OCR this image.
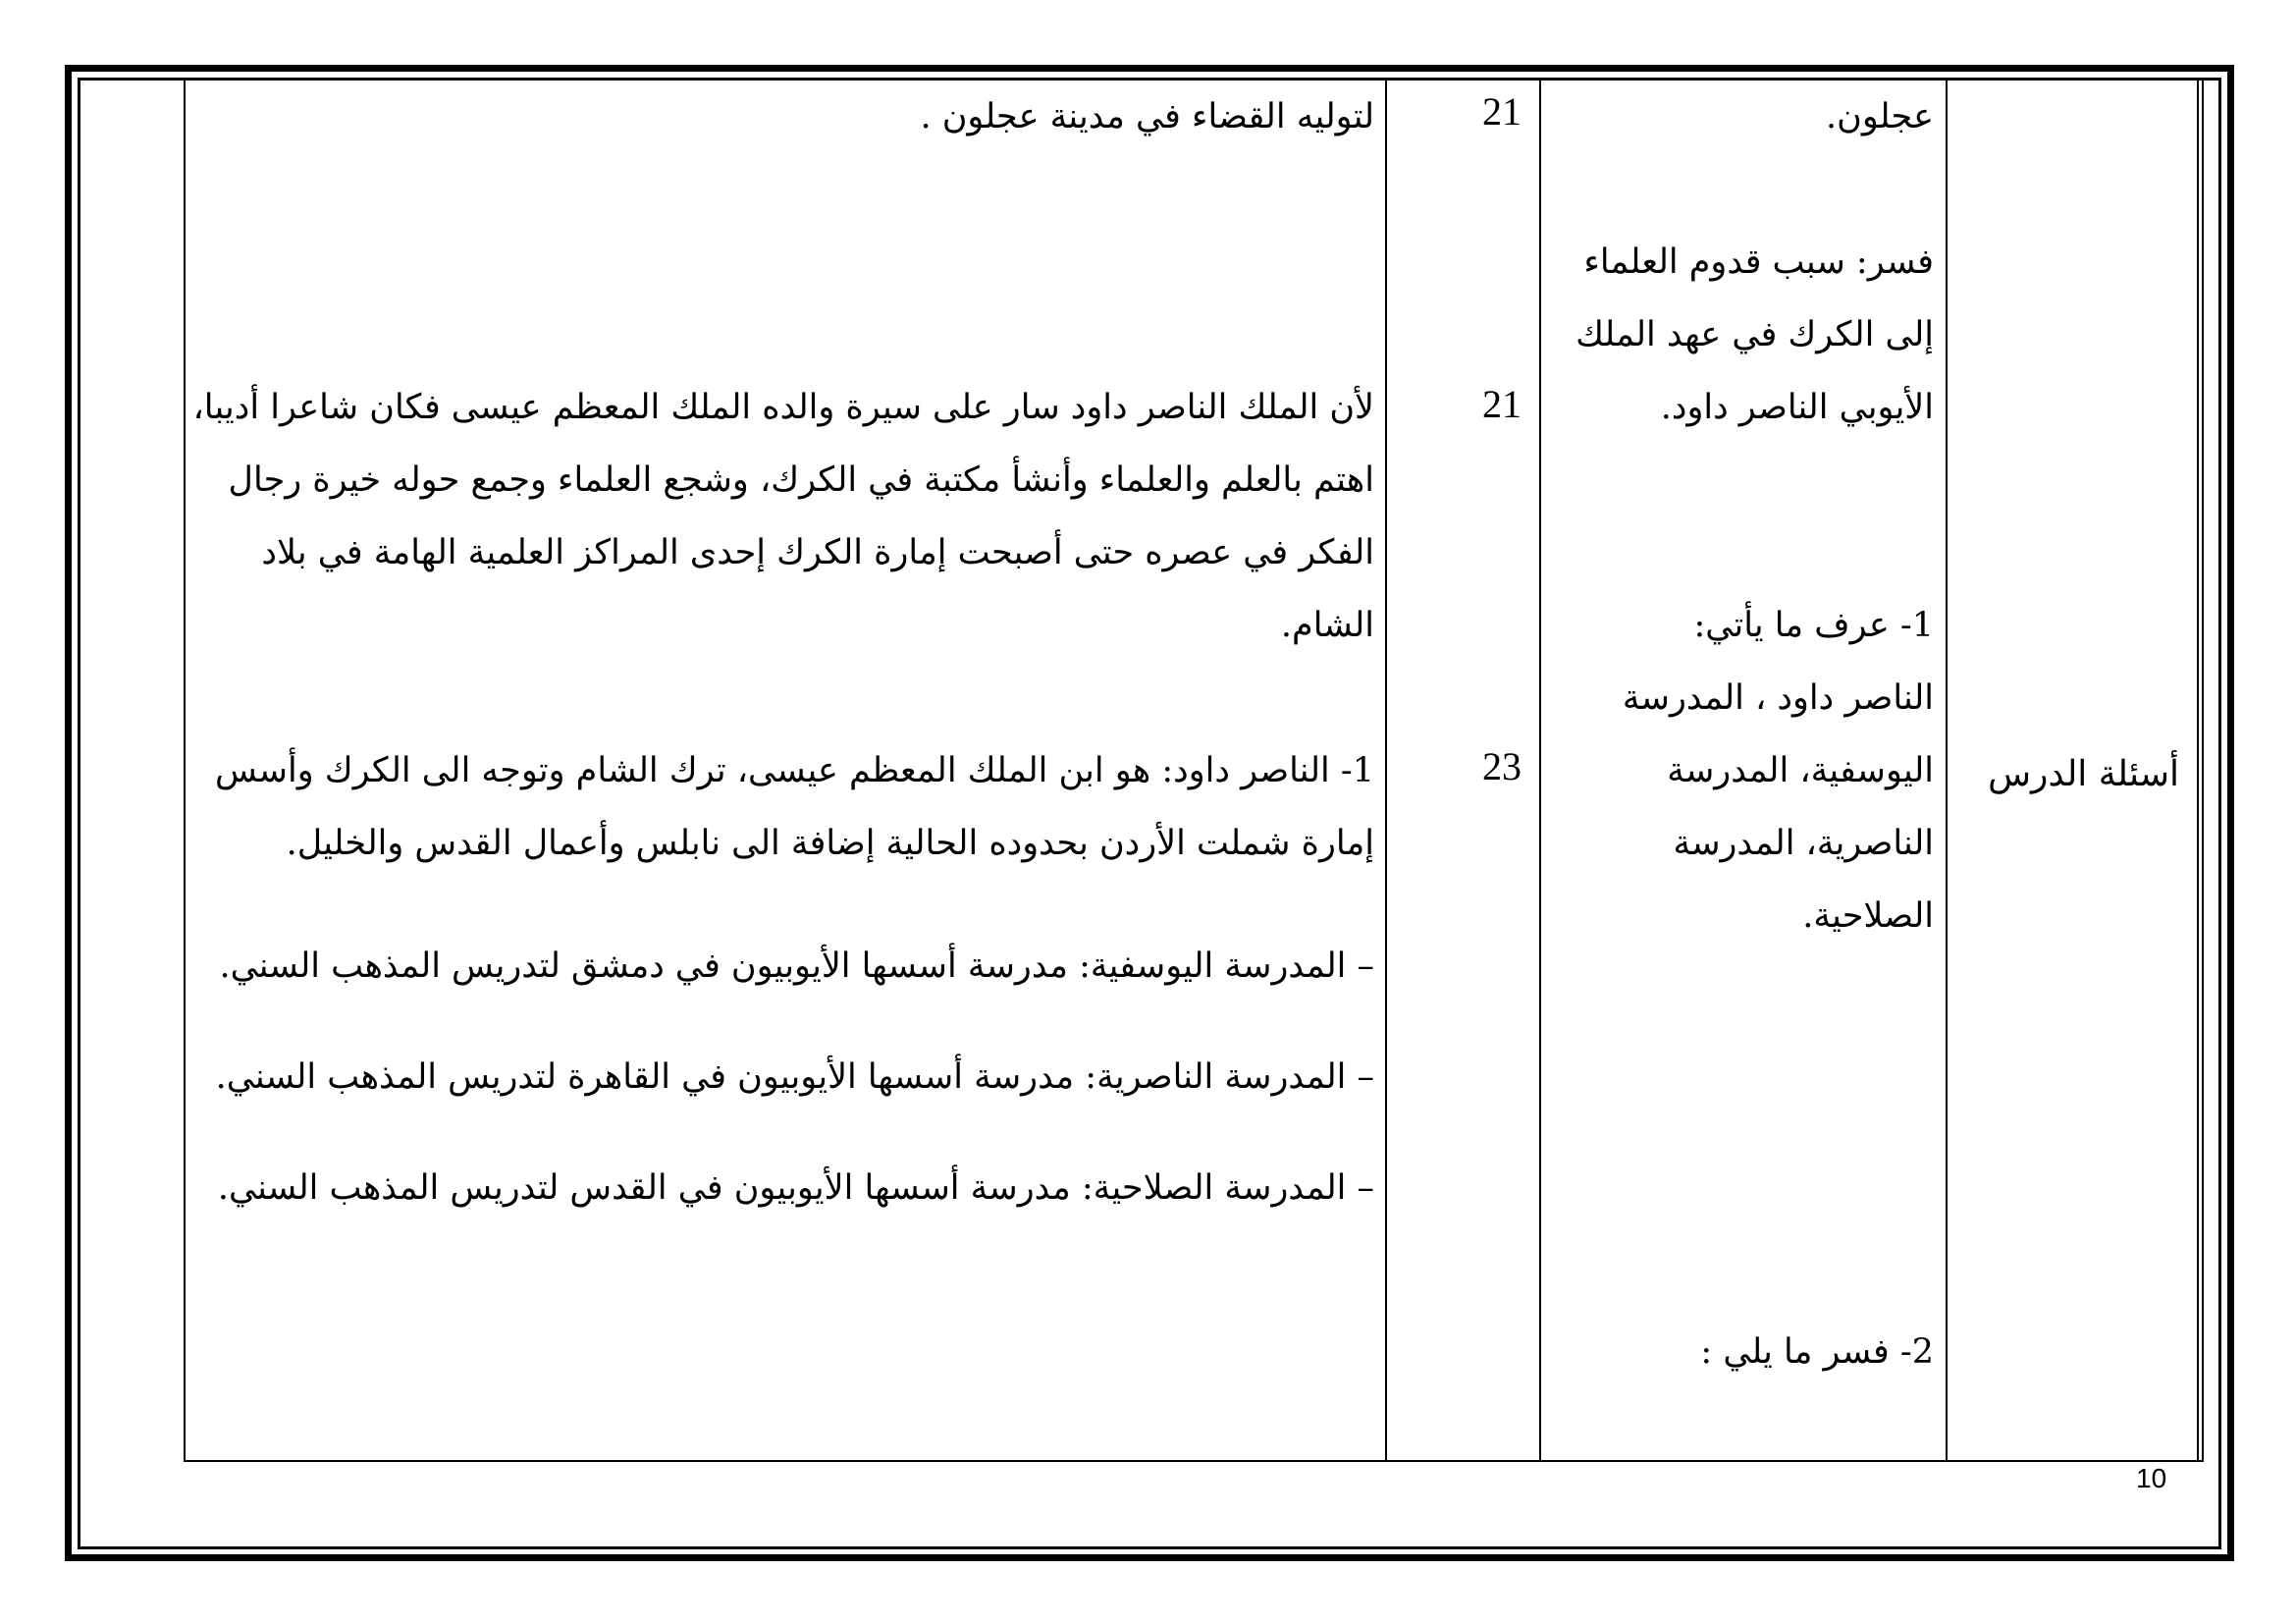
أسئلة الدرس
عجلون.
فسر: سبب قدوم العلماء
إلى الكرك في عهد الملك
الأيوبي الناصر داود.
1- عرف ما يأتي:
الناصر داود ، المدرسة
اليوسفية، المدرسة
الناصرية، المدرسة
الصلاحية.
2- فسر ما يلي :
21
21
23
لتوليه القضاء في مدينة عجلون .
لأن الملك الناصر داود سار على سيرة والده الملك المعظم عيسى فكان شاعرا أديبا،
اهتم بالعلم والعلماء وأنشأ مكتبة في الكرك، وشجع العلماء وجمع حوله خيرة رجال
الفكر في عصره حتى أصبحت إمارة الكرك إحدى المراكز العلمية الهامة في بلاد
الشام.
1- الناصر داود: هو ابن الملك المعظم عيسى، ترك الشام وتوجه الى الكرك وأسس
إمارة شملت الأردن بحدوده الحالية إضافة الى نابلس وأعمال القدس والخليل.
– المدرسة اليوسفية: مدرسة أسسها الأيوبيون في دمشق لتدريس المذهب السني.
– المدرسة الناصرية: مدرسة أسسها الأيوبيون في القاهرة لتدريس المذهب السني.
– المدرسة الصلاحية: مدرسة أسسها الأيوبيون في القدس لتدريس المذهب السني.
10
